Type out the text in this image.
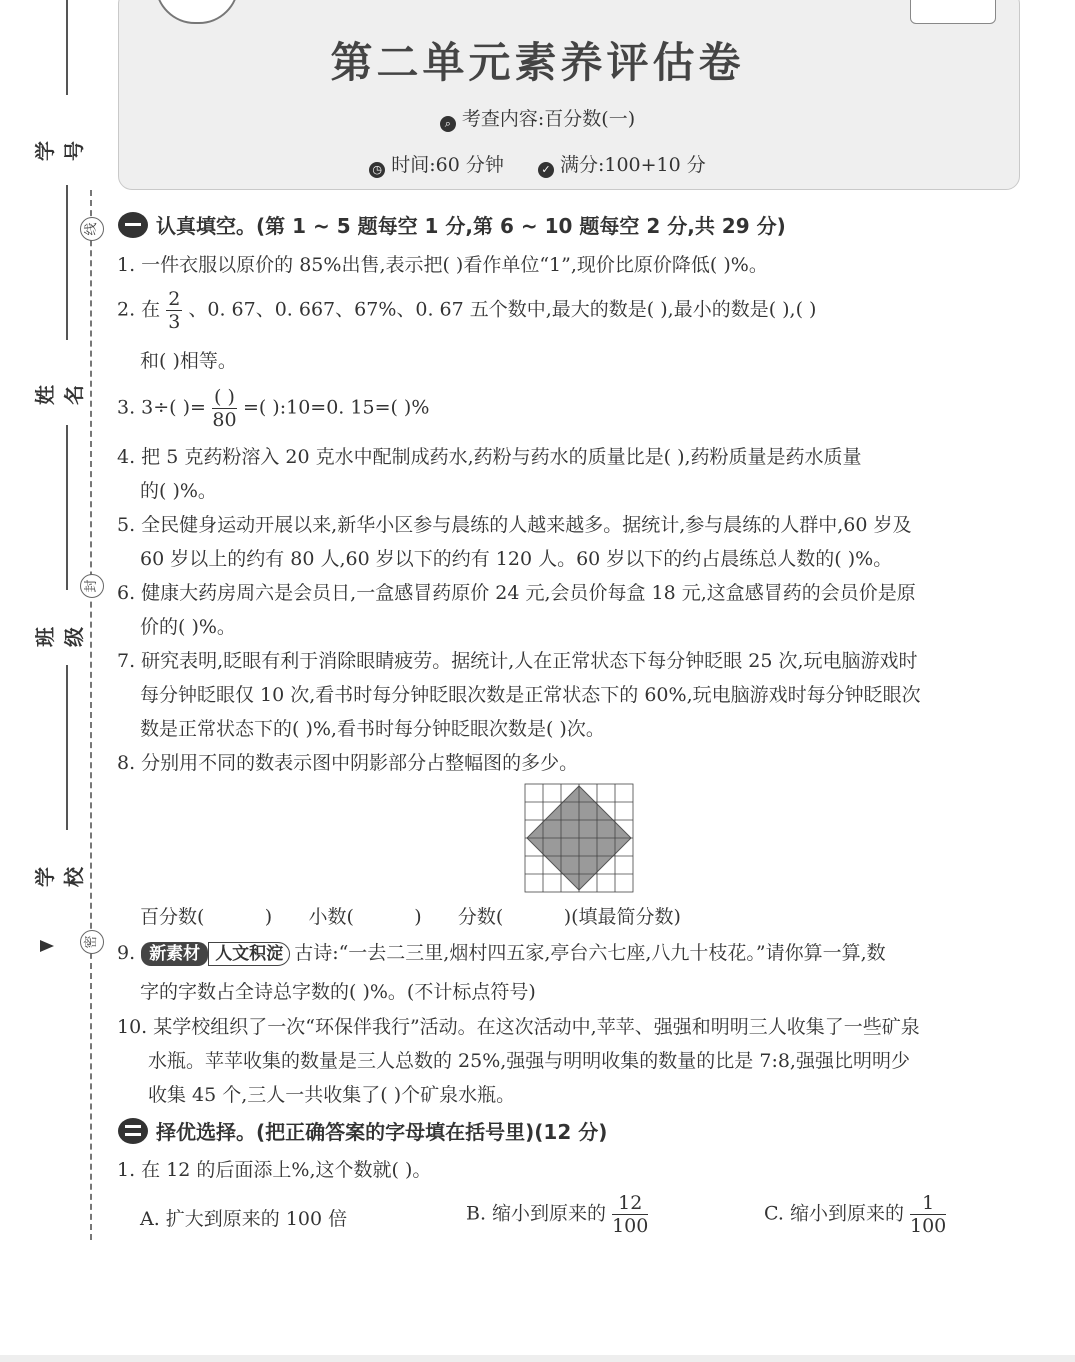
学号
姓名
班级
学校
线
封
密
第二单元素养评估卷
⌕ 考查内容:百分数(一)
◷ 时间:60 分钟	✓ 满分:100+10 分
认真填空。(第 1 ~ 5 题每空 1 分,第 6 ~ 10 题每空 2 分,共 29 分)
1. 一件衣服以原价的 85%出售,表示把( )看作单位“1”,现价比原价降低( )%。
2. 在 $\frac{2}{3}$ 、0. 67、0. 667、67%、0. 67 五个数中,最大的数是( ),最小的数是( ),( )
和( )相等。
3. 3÷( )= $\frac{( )}{80}$ =( ):10=0. 15=( )%
4. 把 5 克药粉溶入 20 克水中配制成药水,药粉与药水的质量比是( ),药粉质量是药水质量
的( )%。
5. 全民健身运动开展以来,新华小区参与晨练的人越来越多。据统计,参与晨练的人群中,60 岁及
60 岁以上的约有 80 人,60 岁以下的约有 120 人。60 岁以下的约占晨练总人数的( )%。
6. 健康大药房周六是会员日,一盒感冒药原价 24 元,会员价每盒 18 元,这盒感冒药的会员价是原
价的( )%。
7. 研究表明,眨眼有利于消除眼睛疲劳。据统计,人在正常状态下每分钟眨眼 25 次,玩电脑游戏时
每分钟眨眼仅 10 次,看书时每分钟眨眼次数是正常状态下的 60%,玩电脑游戏时每分钟眨眼次
数是正常状态下的( )%,看书时每分钟眨眼次数是( )次。
8. 分别用不同的数表示图中阴影部分占整幅图的多少。
百分数(          )      小数(          )      分数(          )(填最简分数)
9. 新素材 人文积淀 古诗:“一去二三里,烟村四五家,亭台六七座,八九十枝花。”请你算一算,数
字的字数占全诗总字数的( )%。(不计标点符号)
10. 某学校组织了一次“环保伴我行”活动。在这次活动中,苹苹、强强和明明三人收集了一些矿泉
水瓶。苹苹收集的数量是三人总数的 25%,强强与明明收集的数量的比是 7:8,强强比明明少
收集 45 个,三人一共收集了( )个矿泉水瓶。
择优选择。(把正确答案的字母填在括号里)(12 分)
1. 在 12 的后面添上%,这个数就( )。
A. 扩大到原来的 100 倍	B. 缩小到原来的 $\frac{12}{100}$	C. 缩小到原来的 $\frac{1}{100}$
